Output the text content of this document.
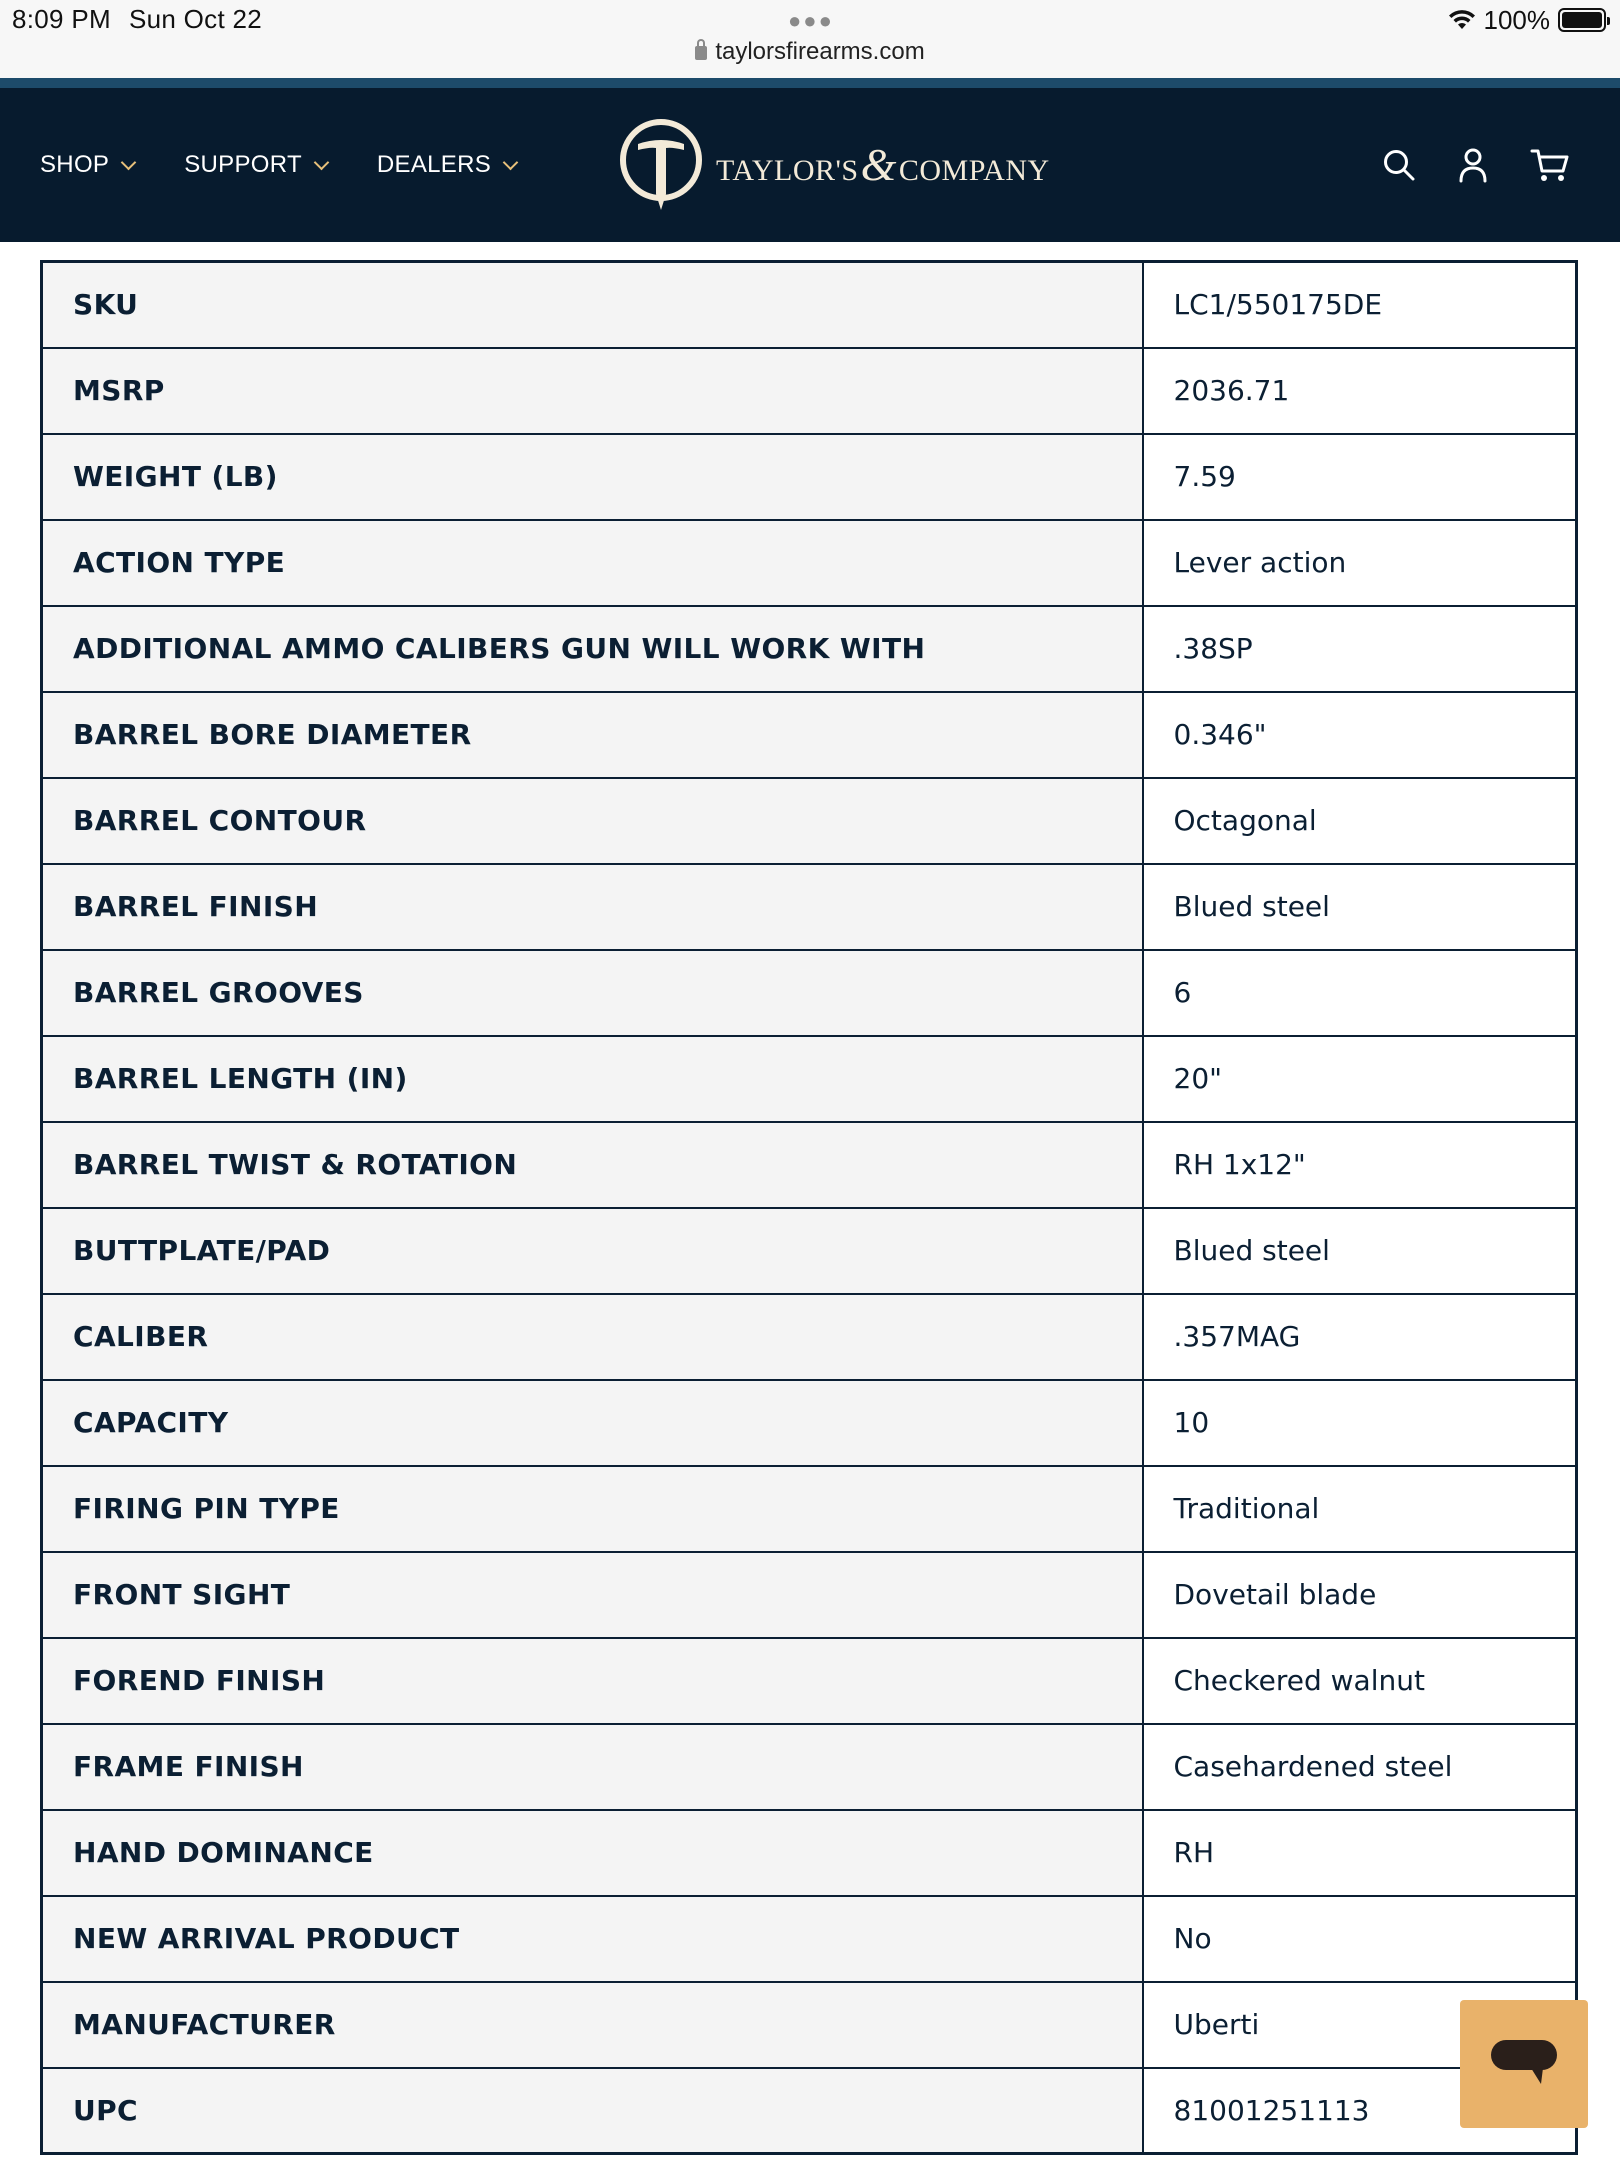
8:09 PM Sun Oct 22	●●●	100%
taylorsfirearms.com
SHOP	SUPPORT	DEALERS	TAYLOR'S&COMPANY
SKU	LC1/550175DE
MSRP	2036.71
WEIGHT (LB)	7.59
ACTION TYPE	Lever action
ADDITIONAL AMMO CALIBERS GUN WILL WORK WITH	.38SP
BARREL BORE DIAMETER	0.346"
BARREL CONTOUR	Octagonal
BARREL FINISH	Blued steel
BARREL GROOVES	6
BARREL LENGTH (IN)	20"
BARREL TWIST & ROTATION	RH 1x12"
BUTTPLATE/PAD	Blued steel
CALIBER	.357MAG
CAPACITY	10
FIRING PIN TYPE	Traditional
FRONT SIGHT	Dovetail blade
FOREND FINISH	Checkered walnut
FRAME FINISH	Casehardened steel
HAND DOMINANCE	RH
NEW ARRIVAL PRODUCT	No
MANUFACTURER	Uberti
UPC	81001251113
